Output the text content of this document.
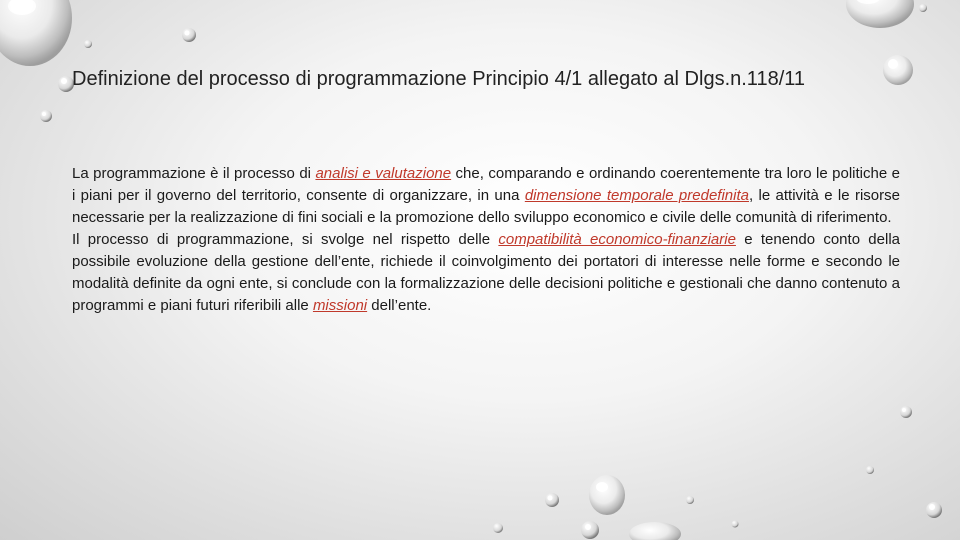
Definizione del processo di programmazione Principio 4/1 allegato al Dlgs.n.118/11

La programmazione è il processo di analisi e valutazione che, comparando e ordinando coerentemente tra loro le politiche e i piani per il governo del territorio, consente di organizzare, in una dimensione temporale predefinita, le attività e le risorse necessarie per la realizzazione di fini sociali e la promozione dello sviluppo economico e civile delle comunità di riferimento.

Il processo di programmazione, si svolge nel rispetto delle compatibilità economico-finanziarie e tenendo conto della possibile evoluzione della gestione dell’ente, richiede il coinvolgimento dei portatori di interesse nelle forme e secondo le modalità definite da ogni ente, si conclude con la formalizzazione delle decisioni politiche e gestionali che danno contenuto a programmi e piani futuri riferibili alle missioni dell’ente.
